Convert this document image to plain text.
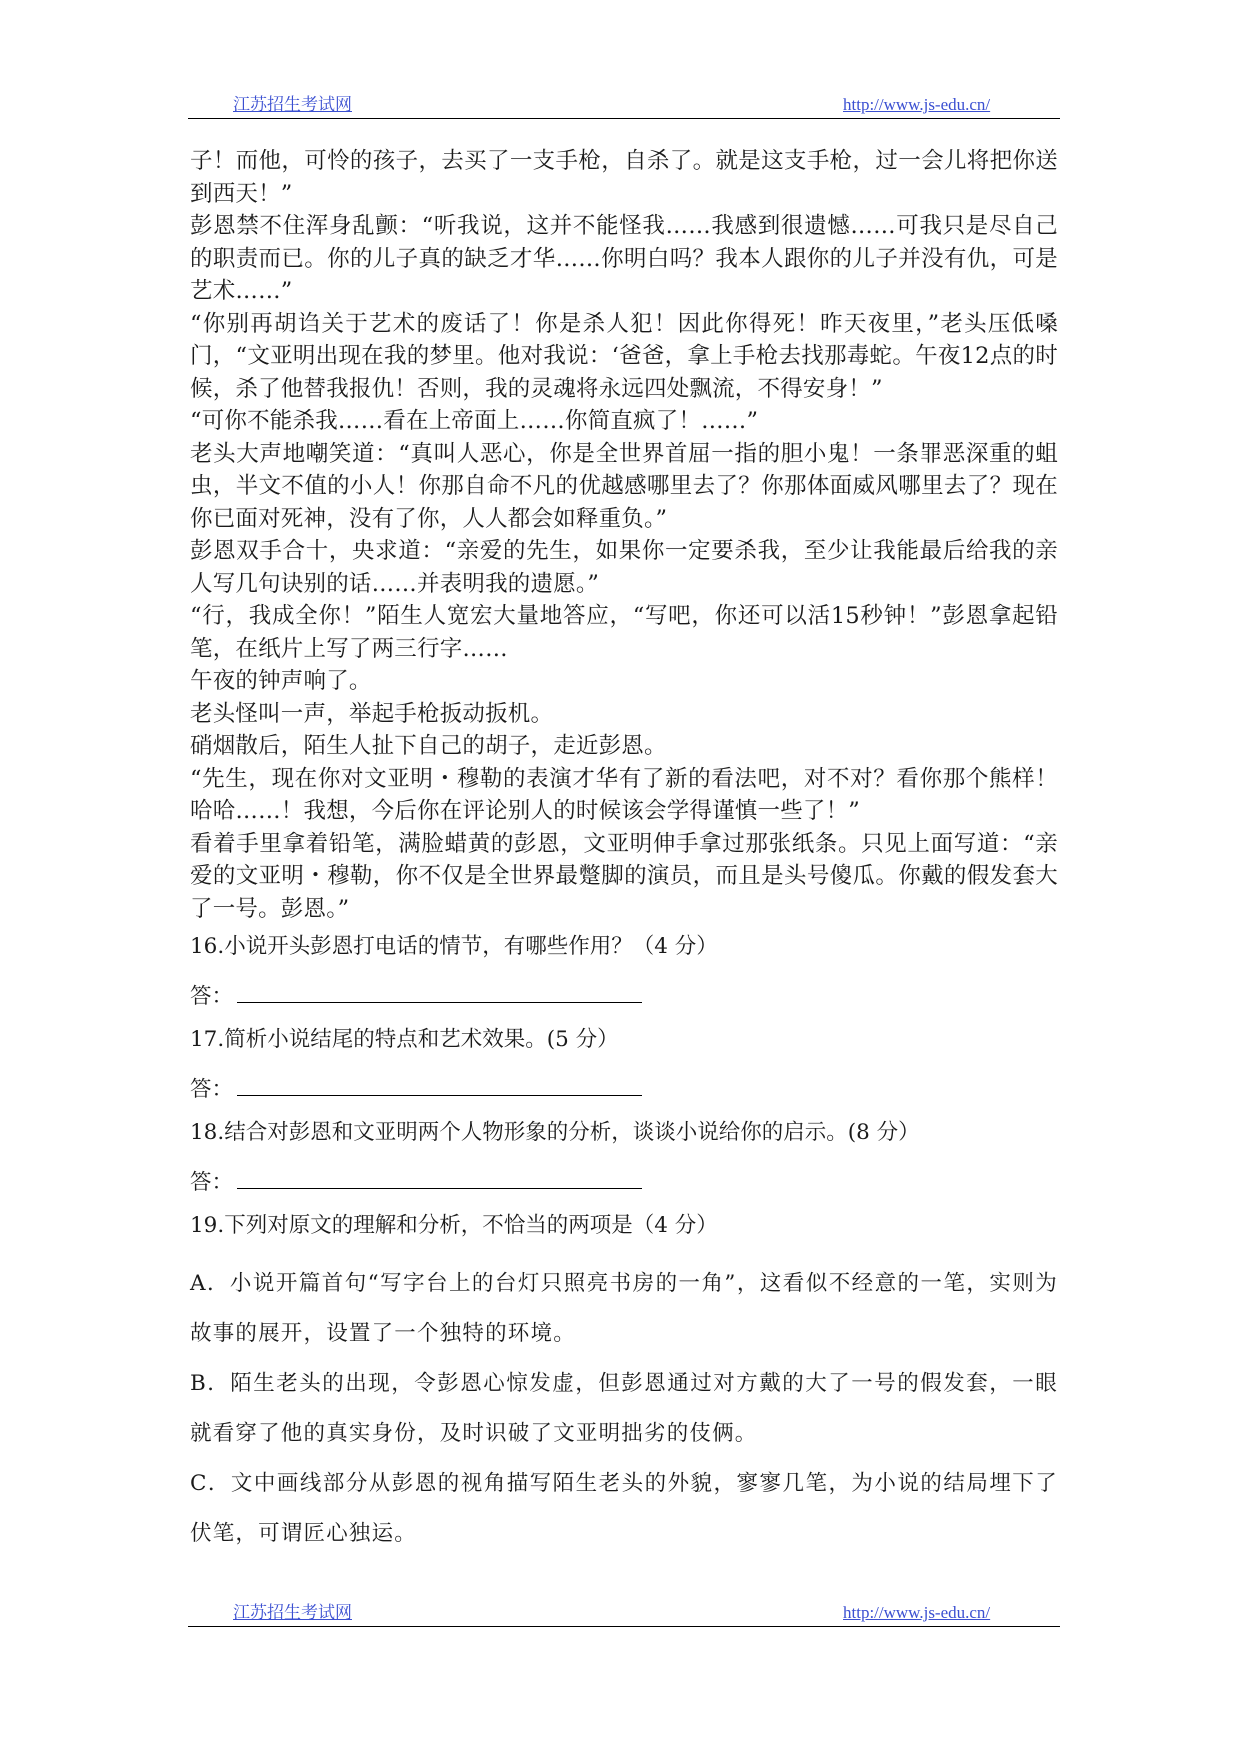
江苏招生考试网	http://www.js-edu.cn/

子！而他，可怜的孩子，去买了一支手枪，自杀了。就是这支手枪，过一会儿将把你送到西天！”

彭恩禁不住浑身乱颤：“听我说，这并不能怪我……我感到很遗憾……可我只是尽自己的职责而已。你的儿子真的缺乏才华……你明白吗？我本人跟你的儿子并没有仇，可是艺术……”

“你别再胡诌关于艺术的废话了！你是杀人犯！因此你得死！昨天夜里，”老头压低嗓门，“文亚明出现在我的梦里。他对我说：‘爸爸，拿上手枪去找那毒蛇。午夜12点的时候，杀了他替我报仇！否则，我的灵魂将永远四处飘流，不得安身！”

“可你不能杀我……看在上帝面上……你简直疯了！……”

老头大声地嘲笑道：“真叫人恶心，你是全世界首屈一指的胆小鬼！一条罪恶深重的蛆虫，半文不值的小人！你那自命不凡的优越感哪里去了？你那体面威风哪里去了？现在你已面对死神，没有了你，人人都会如释重负。”

彭恩双手合十，央求道：“亲爱的先生，如果你一定要杀我，至少让我能最后给我的亲人写几句诀别的话……并表明我的遗愿。”

“行，我成全你！”陌生人宽宏大量地答应，“写吧，你还可以活15秒钟！”彭恩拿起铅笔，在纸片上写了两三行字……

午夜的钟声响了。

老头怪叫一声，举起手枪扳动扳机。

硝烟散后，陌生人扯下自己的胡子，走近彭恩。

“先生，现在你对文亚明・穆勒的表演才华有了新的看法吧，对不对？看你那个熊样！哈哈……！我想，今后你在评论别人的时候该会学得谨慎一些了！”

看着手里拿着铅笔，满脸蜡黄的彭恩，文亚明伸手拿过那张纸条。只见上面写道：“亲爱的文亚明・穆勒，你不仅是全世界最蹩脚的演员，而且是头号傻瓜。你戴的假发套大了一号。彭恩。”

16.小说开头彭恩打电话的情节，有哪些作用？（4 分）

答：

17.简析小说结尾的特点和艺术效果。(5 分）

答：

18.结合对彭恩和文亚明两个人物形象的分析，谈谈小说给你的启示。(8 分）

答：

19.下列对原文的理解和分析，不恰当的两项是（4 分）

A．小说开篇首句“写字台上的台灯只照亮书房的一角”，这看似不经意的一笔，实则为故事的展开，设置了一个独特的环境。

B．陌生老头的出现，令彭恩心惊发虚，但彭恩通过对方戴的大了一号的假发套，一眼就看穿了他的真实身份，及时识破了文亚明拙劣的伎俩。

C．文中画线部分从彭恩的视角描写陌生老头的外貌，寥寥几笔，为小说的结局埋下了伏笔，可谓匠心独运。

江苏招生考试网	http://www.js-edu.cn/
